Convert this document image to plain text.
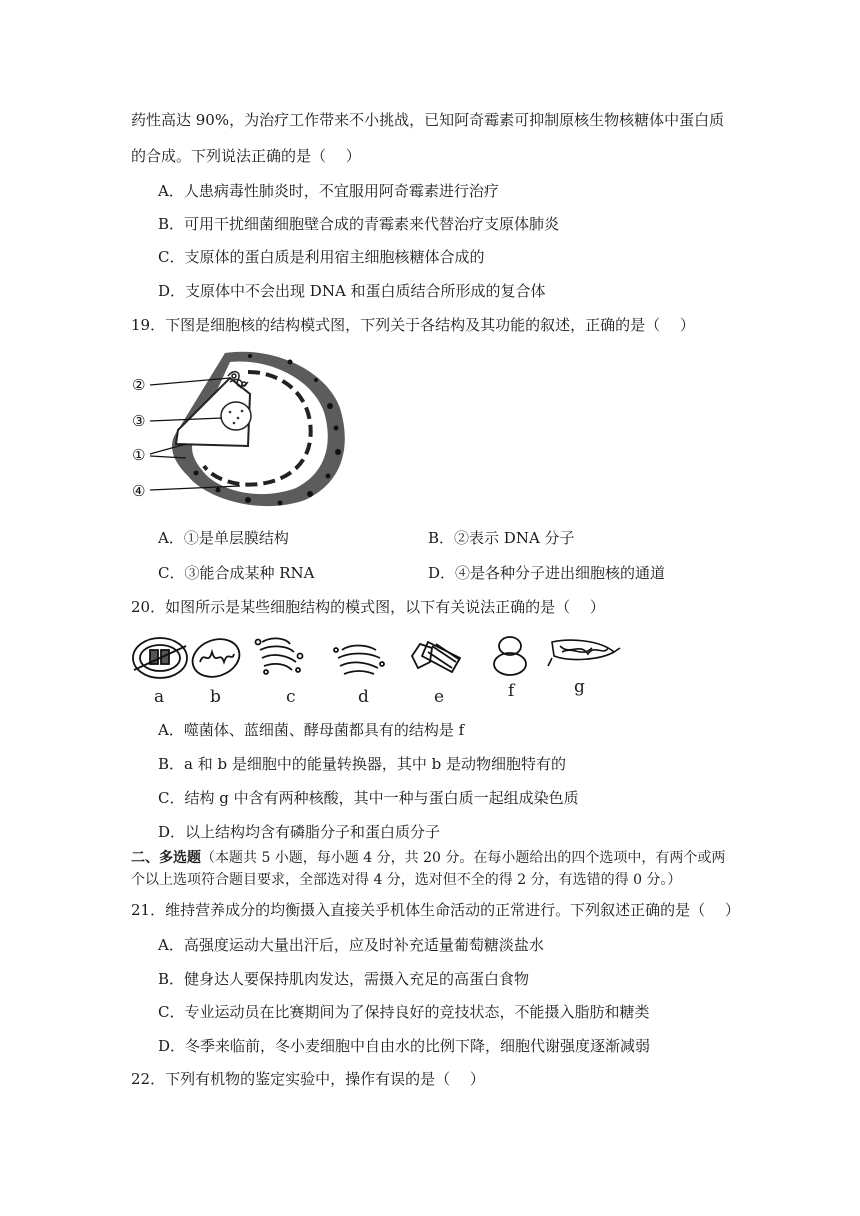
药性高达 90%，为治疗工作带来不小挑战，已知阿奇霉素可抑制原核生物核糖体中蛋白质
的合成。下列说法正确的是（　 ）
A．人患病毒性肺炎时，不宜服用阿奇霉素进行治疗
B．可用干扰细菌细胞壁合成的青霉素来代替治疗支原体肺炎
C．支原体的蛋白质是利用宿主细胞核糖体合成的
D．支原体中不会出现 DNA 和蛋白质结合所形成的复合体
19．下图是细胞核的结构模式图，下列关于各结构及其功能的叙述，正确的是（　 ）
②
③
①
④
A．①是单层膜结构	B．②表示 DNA 分子
C．③能合成某种 RNA	D．④是各种分子进出细胞核的通道
20．如图所示是某些细胞结构的模式图，以下有关说法正确的是（　 ）
a	b	c	d	e	f	g
A．噬菌体、蓝细菌、酵母菌都具有的结构是 f
B．a 和 b 是细胞中的能量转换器，其中 b 是动物细胞特有的
C．结构 g 中含有两种核酸，其中一种与蛋白质一起组成染色质
D．以上结构均含有磷脂分子和蛋白质分子
二、多选题（本题共 5 小题，每小题 4 分，共 20 分。在每小题给出的四个选项中，有两个或两
个以上选项符合题目要求，全部选对得 4 分，选对但不全的得 2 分，有选错的得 0 分。）
21．维持营养成分的均衡摄入直接关乎机体生命活动的正常进行。下列叙述正确的是（　 ）
A．高强度运动大量出汗后，应及时补充适量葡萄糖淡盐水
B．健身达人要保持肌肉发达，需摄入充足的高蛋白食物
C．专业运动员在比赛期间为了保持良好的竞技状态，不能摄入脂肪和糖类
D．冬季来临前，冬小麦细胞中自由水的比例下降，细胞代谢强度逐渐减弱
22．下列有机物的鉴定实验中，操作有误的是（　 ）
